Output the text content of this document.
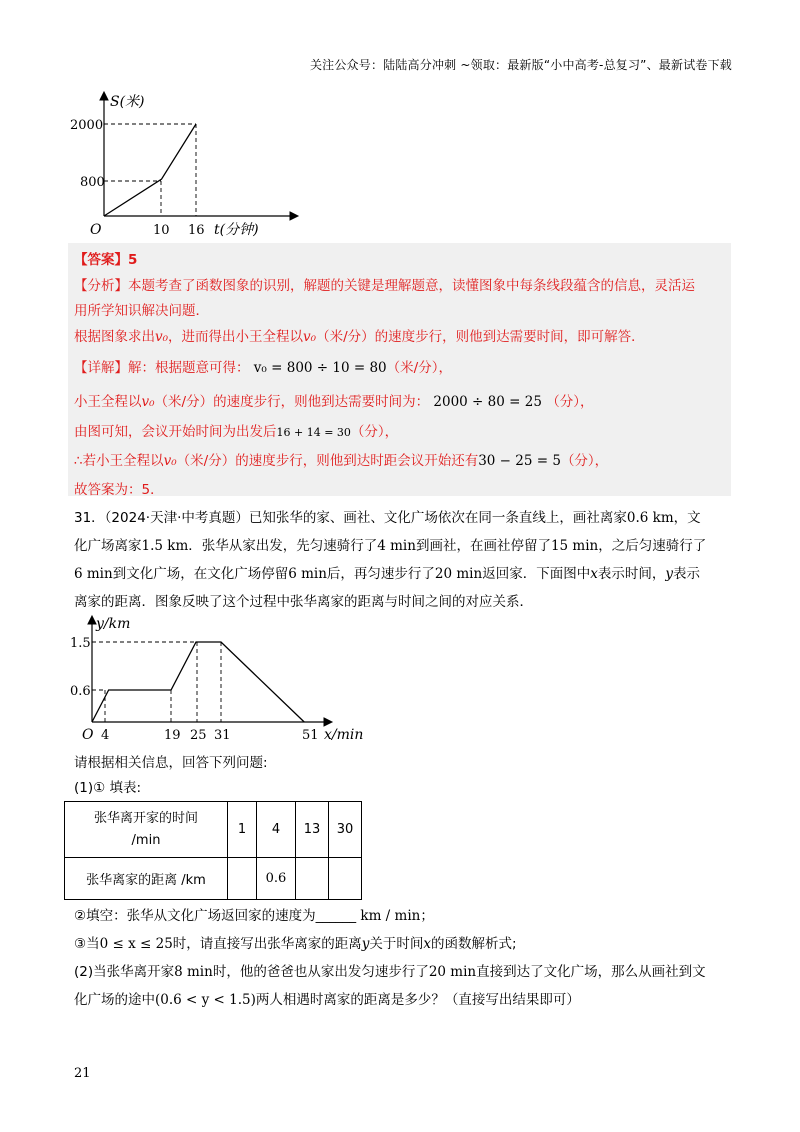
关注公众号：陆陆高分冲刺 ~领取：最新版“小中高考-总复习”、最新试卷下载
S(米)
2000
800
O	10 16 t(分钟)
【答案】5
【分析】本题考查了函数图象的识别，解题的关键是理解题意，读懂图象中每条线段蕴含的信息，灵活运
用所学知识解决问题．
根据图象求出v₀，进而得出小王全程以v₀（米/分）的速度步行，则他到达需要时间，即可解答．
【详解】解：根据题意可得： v₀ = 800 ÷ 10 = 80（米/分），
小王全程以v₀（米/分）的速度步行，则他到达需要时间为： 2000 ÷ 80 = 25 （分），
由图可知，会议开始时间为出发后16 + 14 = 30（分），
∴若小王全程以v₀（米/分）的速度步行，则他到达时距会议开始还有30 − 25 = 5（分），
故答案为：5．
31．（2024·天津·中考真题）已知张华的家、画社、文化广场依次在同一条直线上，画社离家0.6 km，文
化广场离家1.5 km．张华从家出发，先匀速骑行了4 min到画社，在画社停留了15 min，之后匀速骑行了
6 min到文化广场，在文化广场停留6 min后，再匀速步行了20 min返回家．下面图中x表示时间，y表示
离家的距离．图象反映了这个过程中张华离家的距离与时间之间的对应关系．
y/km
1.5
0.6
O 4	19 25 31	51 x/min
请根据相关信息，回答下列问题:
(1)① 填表:
张华离开家的时间
/min	1	4	13	30
张华离家的距离 /km		0.6		
②填空：张华从文化广场返回家的速度为______ km / min；
③当0 ≤ x ≤ 25时，请直接写出张华离家的距离y关于时间x的函数解析式;
(2)当张华离开家8 min时，他的爸爸也从家出发匀速步行了20 min直接到达了文化广场，那么从画社到文
化广场的途中(0.6 < y < 1.5)两人相遇时离家的距离是多少？（直接写出结果即可）
21
